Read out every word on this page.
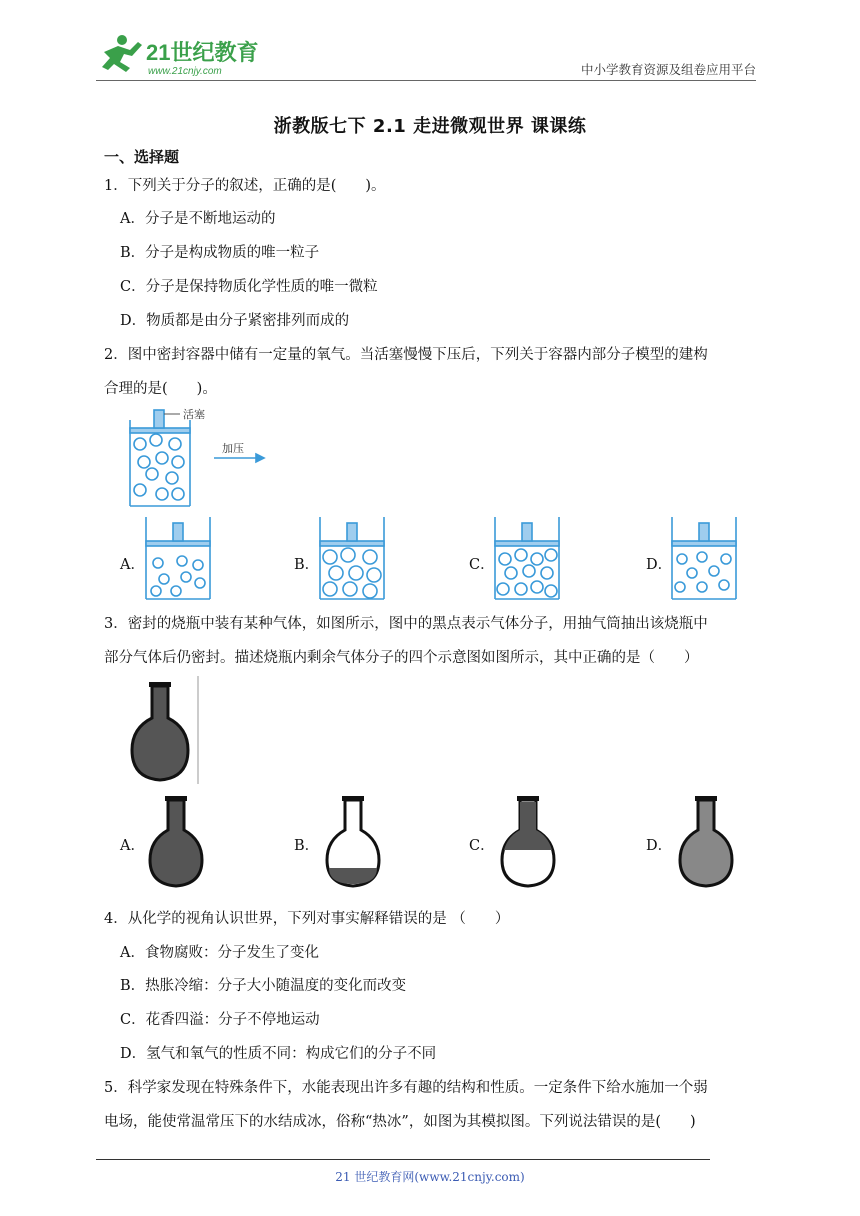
21世纪教育
www.21cnjy.com	中小学教育资源及组卷应用平台
浙教版七下 2.1 走进微观世界 课课练
一、选择题
1．下列关于分子的叙述，正确的是(　　)。
A．分子是不断地运动的
B．分子是构成物质的唯一粒子
C．分子是保持物质化学性质的唯一微粒
D．物质都是由分子紧密排列而成的
2．图中密封容器中储有一定量的氧气。当活塞慢慢下压后，下列关于容器内部分子模型的建构
合理的是(　　)。
活塞
加压
A．	B．	C．	D．
3．密封的烧瓶中装有某种气体，如图所示，图中的黑点表示气体分子，用抽气筒抽出该烧瓶中
部分气体后仍密封。描述烧瓶内剩余气体分子的四个示意图如图所示，其中正确的是（　　）
A．	B．	C．	D．
4．从化学的视角认识世界，下列对事实解释错误的是 （　　）
A．食物腐败：分子发生了变化
B．热胀冷缩：分子大小随温度的变化而改变
C．花香四溢：分子不停地运动
D．氢气和氧气的性质不同：构成它们的分子不同
5．科学家发现在特殊条件下，水能表现出许多有趣的结构和性质。一定条件下给水施加一个弱
电场，能使常温常压下的水结成冰，俗称“热冰”，如图为其模拟图。下列说法错误的是(　　)
21 世纪教育网(www.21cnjy.com)
